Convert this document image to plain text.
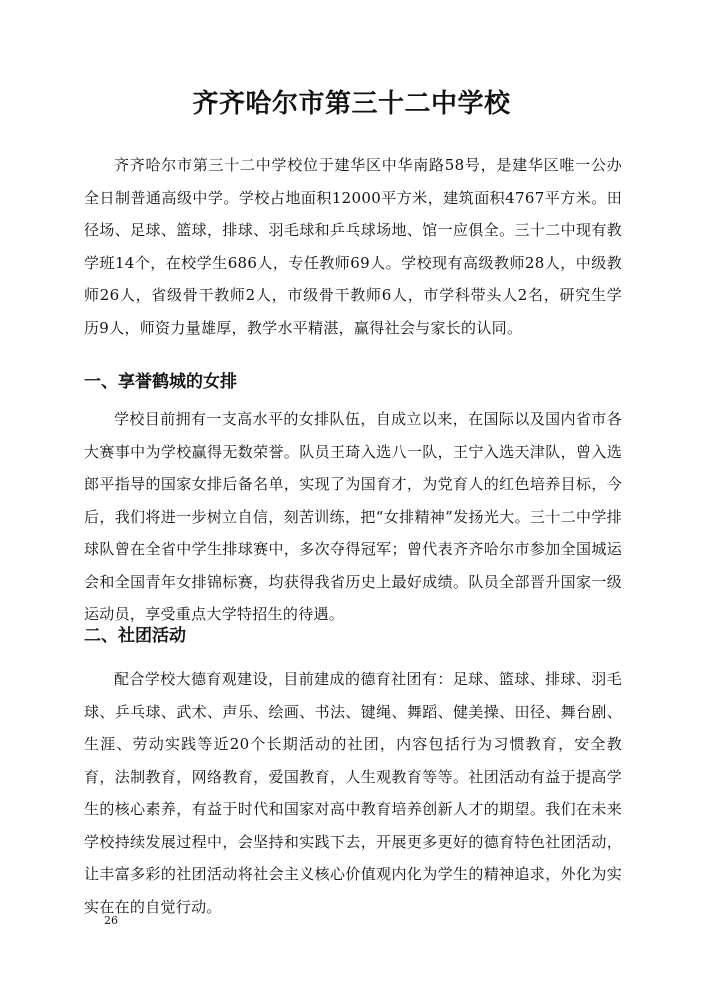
齐齐哈尔市第三十二中学校

齐齐哈尔市第三十二中学校位于建华区中华南路58号，是建华区唯一公办全日制普通高级中学。学校占地面积12000平方米，建筑面积4767平方米。田径场、足球、篮球，排球、羽毛球和乒乓球场地、馆一应俱全。三十二中现有教学班14个，在校学生686人，专任教师69人。学校现有高级教师28人，中级教师26人，省级骨干教师2人，市级骨干教师6人，市学科带头人2名，研究生学历9人，师资力量雄厚，教学水平精湛，赢得社会与家长的认同。

一、享誉鹤城的女排

学校目前拥有一支高水平的女排队伍，自成立以来，在国际以及国内省市各大赛事中为学校赢得无数荣誉。队员王琦入选八一队，王宁入选天津队，曾入选郎平指导的国家女排后备名单，实现了为国育才，为党育人的红色培养目标，今后，我们将进一步树立自信，刻苦训练，把“女排精神”发扬光大。三十二中学排球队曾在全省中学生排球赛中，多次夺得冠军；曾代表齐齐哈尔市参加全国城运会和全国青年女排锦标赛，均获得我省历史上最好成绩。队员全部晋升国家一级运动员，享受重点大学特招生的待遇。

二、社团活动

配合学校大德育观建设，目前建成的德育社团有：足球、篮球、排球、羽毛球、乒乓球、武术、声乐、绘画、书法、键绳、舞蹈、健美操、田径、舞台剧、生涯、劳动实践等近20个长期活动的社团，内容包括行为习惯教育，安全教育，法制教育，网络教育，爱国教育，人生观教育等等。社团活动有益于提高学生的核心素养，有益于时代和国家对高中教育培养创新人才的期望。我们在未来学校持续发展过程中，会坚持和实践下去，开展更多更好的德育特色社团活动，让丰富多彩的社团活动将社会主义核心价值观内化为学生的精神追求，外化为实实在在的自觉行动。

26
